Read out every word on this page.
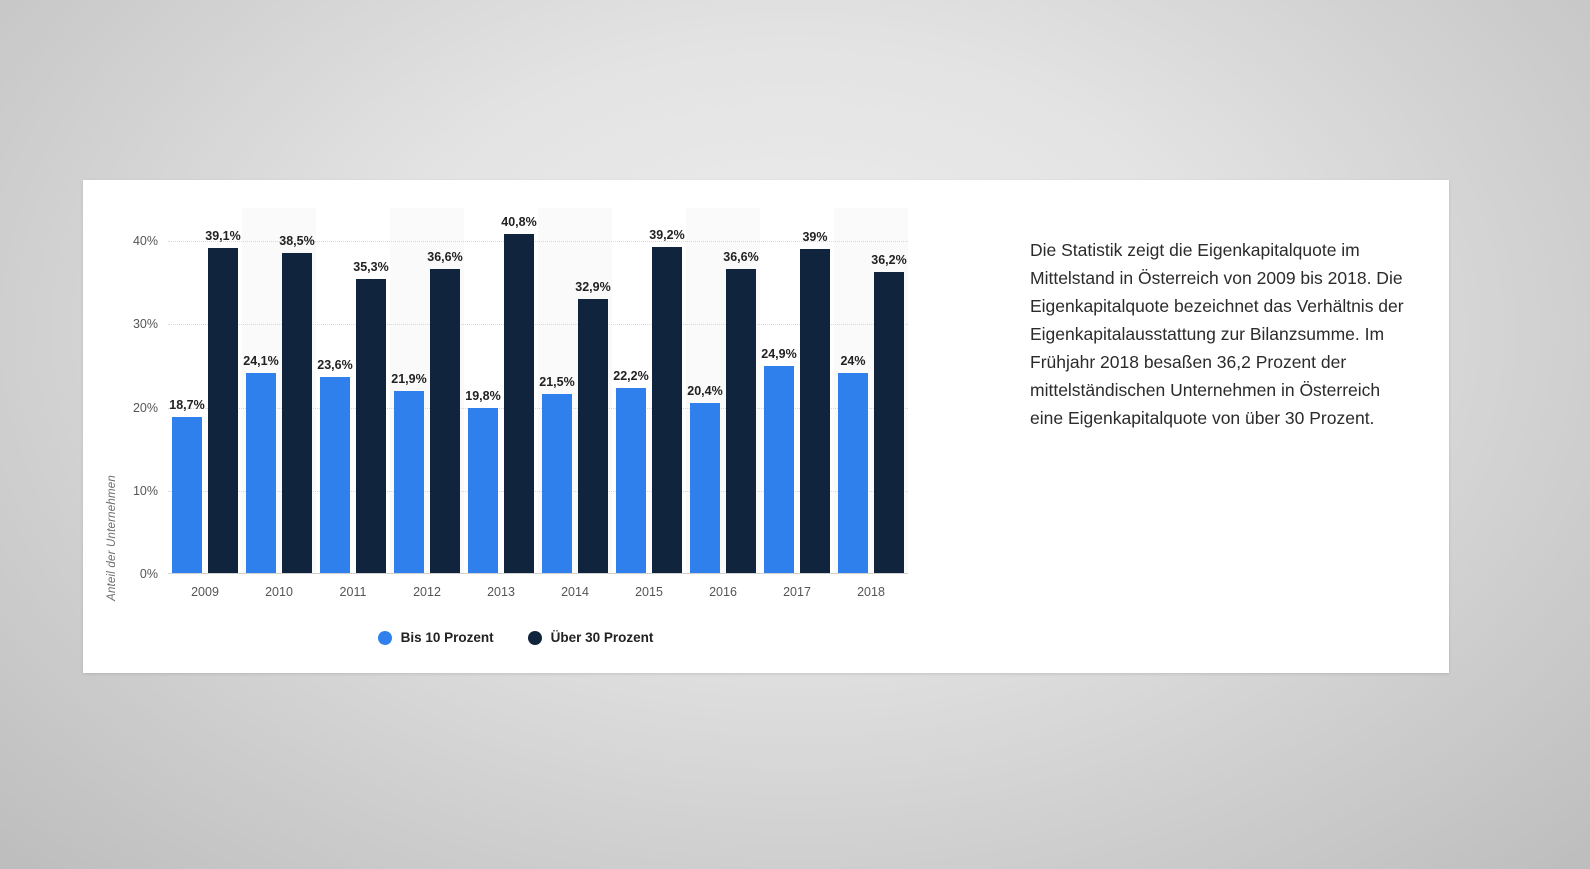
Anteil der Unternehmen 0%
10%
20%
30%
40%
18,7%
39,1%
2009
24,1%
38,5%
2010
23,6%
35,3%
2011
21,9%
36,6%
2012
19,8%
40,8%
2013
21,5%
32,9%
2014
22,2%
39,2%
2015
20,4%
36,6%
2016
24,9%
39%
2017
24%
36,2%
2018
Bis 10 Prozent	Über 30 Prozent

Die Statistik zeigt die Eigenkapitalquote im Mittelstand in Österreich von 2009 bis 2018. Die Eigenkapitalquote bezeichnet das Verhältnis der Eigenkapitalausstattung zur Bilanzsumme. Im Frühjahr 2018 besaßen 36,2 Prozent der mittelständischen Unternehmen in Österreich eine Eigenkapitalquote von über 30 Prozent.
